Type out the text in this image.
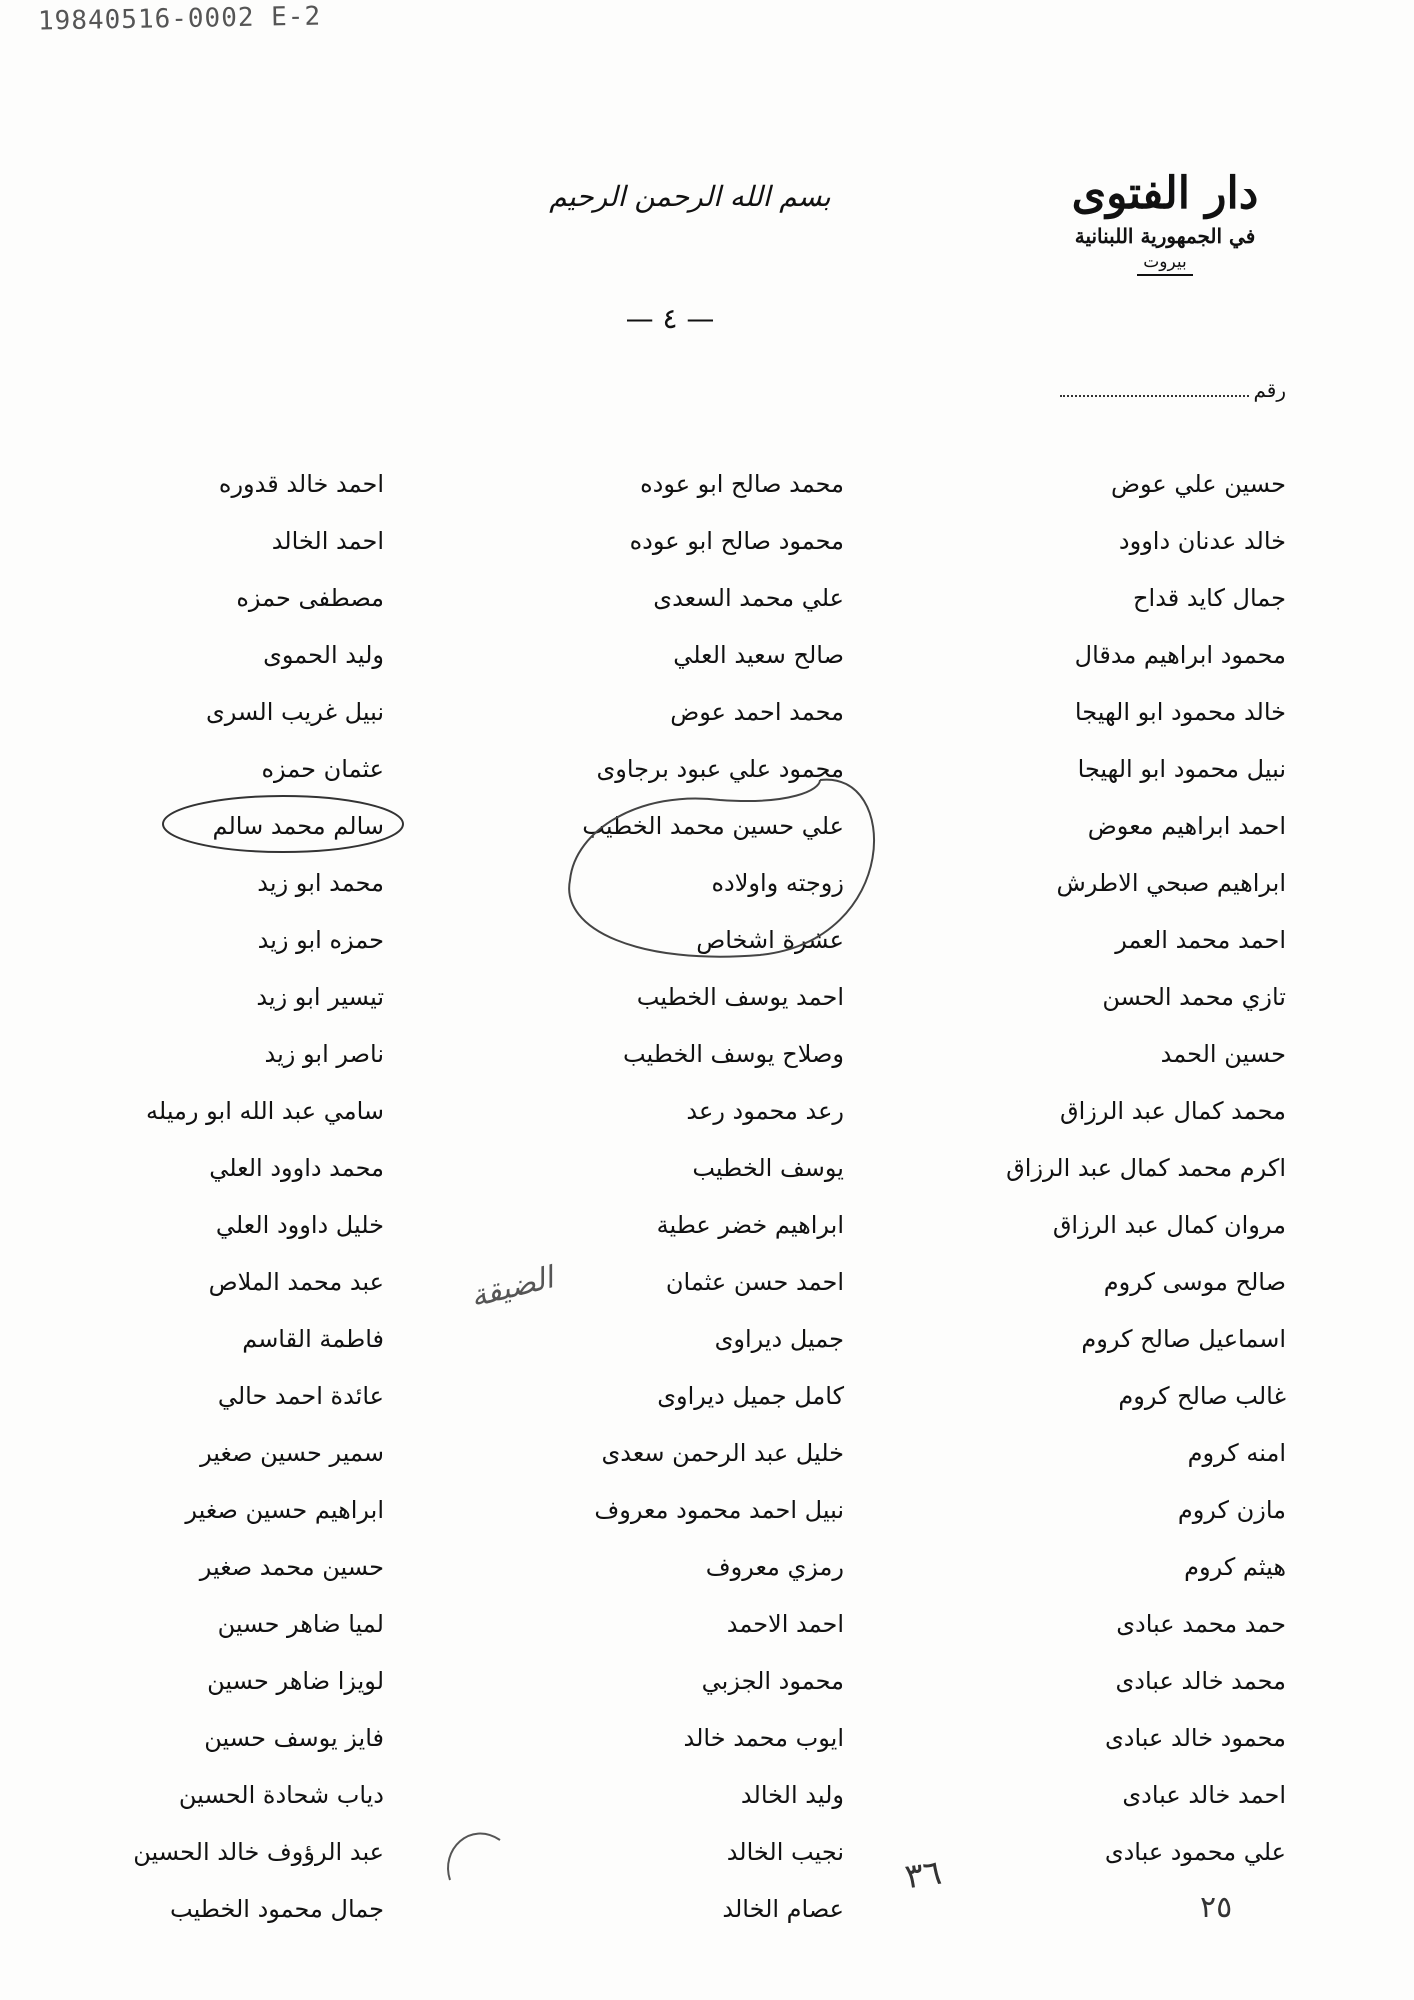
19840516-0002 E-2
دار الفتوى
في الجمهورية اللبنانية
بيروت
بسم الله الرحمن الرحيم
— ٤ —
رقم
حسين علي عوض
خالد عدنان داوود
جمال كايد قداح
محمود ابراهيم مدقال
خالد محمود ابو الهيجا
نبيل محمود ابو الهيجا
احمد ابراهيم معوض
ابراهيم صبحي الاطرش
احمد محمد العمر
تازي محمد الحسن
حسين الحمد
محمد كمال عبد الرزاق
اكرم محمد كمال عبد الرزاق
مروان كمال عبد الرزاق
صالح موسى كروم
اسماعيل صالح كروم
غالب صالح كروم
امنه كروم
مازن كروم
هيثم كروم
حمد محمد عبادى
محمد خالد عبادى
محمود خالد عبادى
احمد خالد عبادى
علي محمود عبادى
محمد صالح ابو عوده
محمود صالح ابو عوده
علي محمد السعدى
صالح سعيد العلي
محمد احمد عوض
محمود علي عبود برجاوى
علي حسين محمد الخطيب
زوجته واولاده
عشرة اشخاص
احمد يوسف الخطيب
وصلاح يوسف الخطيب
رعد محمود رعد
يوسف الخطيب
ابراهيم خضر عطية
احمد حسن عثمان
جميل ديراوى
كامل جميل ديراوى
خليل عبد الرحمن سعدى
نبيل احمد محمود معروف
رمزي معروف
احمد الاحمد
محمود الجزبي
ايوب محمد خالد
وليد الخالد
نجيب الخالد
عصام الخالد
احمد خالد قدوره
احمد الخالد
مصطفى حمزه
وليد الحموى
نبيل غريب السرى
عثمان حمزه
سالم محمد سالم
محمد ابو زيد
حمزه ابو زيد
تيسير ابو زيد
ناصر ابو زيد
سامي عبد الله ابو رميله
محمد داوود العلي
خليل داوود العلي
عبد محمد الملاص
فاطمة القاسم
عائدة احمد حالي
سمير حسين صغير
ابراهيم حسين صغير
حسين محمد صغير
لميا ضاهر حسين
لويزا ضاهر حسين
فايز يوسف حسين
دياب شحادة الحسين
عبد الرؤوف خالد الحسين
جمال محمود الخطيب
الضيقة
٣٦
٢٥
